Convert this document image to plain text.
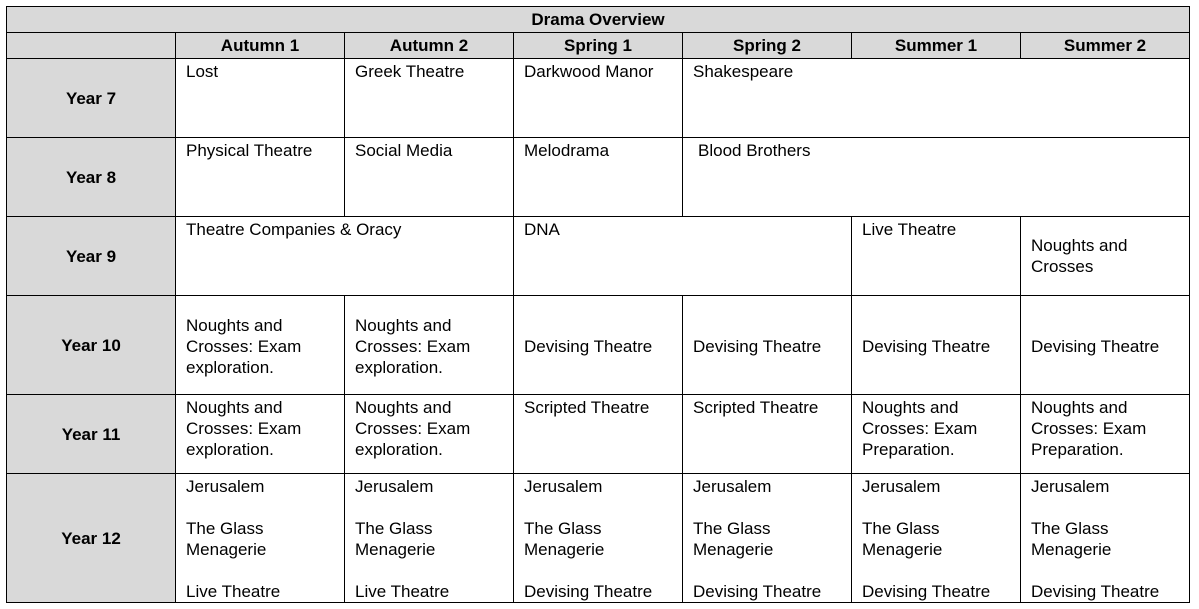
Drama Overview						
	Autumn 1	Autumn 2	Spring 1	Spring 2	Summer 1	Summer 2
Year 7	Lost	Greek Theatre	Darkwood Manor	Shakespeare		
Year 8	Physical Theatre	Social Media	Melodrama	Blood Brothers		
Year 9	Theatre Companies & Oracy		DNA		Live Theatre	Noughts and
Crosses

Year 10	Noughts and
Crosses: Exam
exploration.	Noughts and
Crosses: Exam
exploration.	Devising Theatre	Devising Theatre	Devising Theatre	Devising Theatre
Year 11	Noughts and
Crosses: Exam
exploration.	Noughts and
Crosses: Exam
exploration.	Scripted Theatre	Scripted Theatre	Noughts and
Crosses: Exam
Preparation.	Noughts and
Crosses: Exam
Preparation.

Year 12	Jerusalem
The Glass
Menagerie
Live Theatre	Jerusalem
The Glass
Menagerie
Live Theatre	Jerusalem
The Glass
Menagerie
Devising Theatre	Jerusalem
The Glass
Menagerie
Devising Theatre	Jerusalem
The Glass
Menagerie
Devising Theatre	Jerusalem
The Glass
Menagerie
Devising Theatre
